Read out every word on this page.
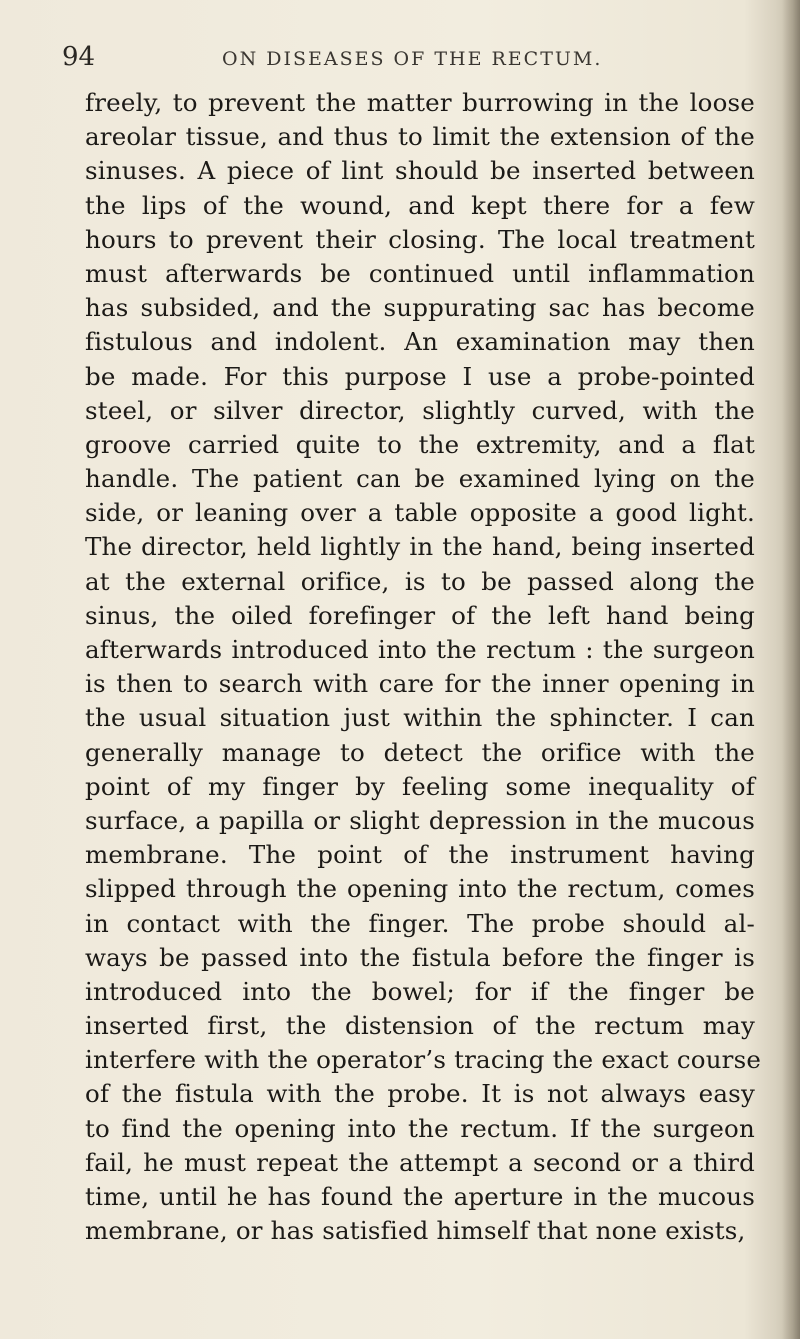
94	ON DISEASES OF THE RECTUM.
freely, to prevent the matter burrowing in the loose
areolar tissue, and thus to limit the extension of the
sinuses. A piece of lint should be inserted between
the lips of the wound, and kept there for a few
hours to prevent their closing. The local treatment
must afterwards be continued until inflammation
has subsided, and the suppurating sac has become
fistulous and indolent. An examination may then
be made. For this purpose I use a probe-pointed
steel, or silver director, slightly curved, with the
groove carried quite to the extremity, and a flat
handle. The patient can be examined lying on the
side, or leaning over a table opposite a good light.
The director, held lightly in the hand, being inserted
at the external orifice, is to be passed along the
sinus, the oiled forefinger of the left hand being
afterwards introduced into the rectum : the surgeon
is then to search with care for the inner opening in
the usual situation just within the sphincter. I can
generally manage to detect the orifice with the
point of my finger by feeling some inequality of
surface, a papilla or slight depression in the mucous
membrane. The point of the instrument having
slipped through the opening into the rectum, comes
in contact with the finger. The probe should al-
ways be passed into the fistula before the finger is
introduced into the bowel; for if the finger be
inserted first, the distension of the rectum may
interfere with the operator’s tracing the exact course
of the fistula with the probe. It is not always easy
to find the opening into the rectum. If the surgeon
fail, he must repeat the attempt a second or a third
time, until he has found the aperture in the mucous
membrane, or has satisfied himself that none exists,
